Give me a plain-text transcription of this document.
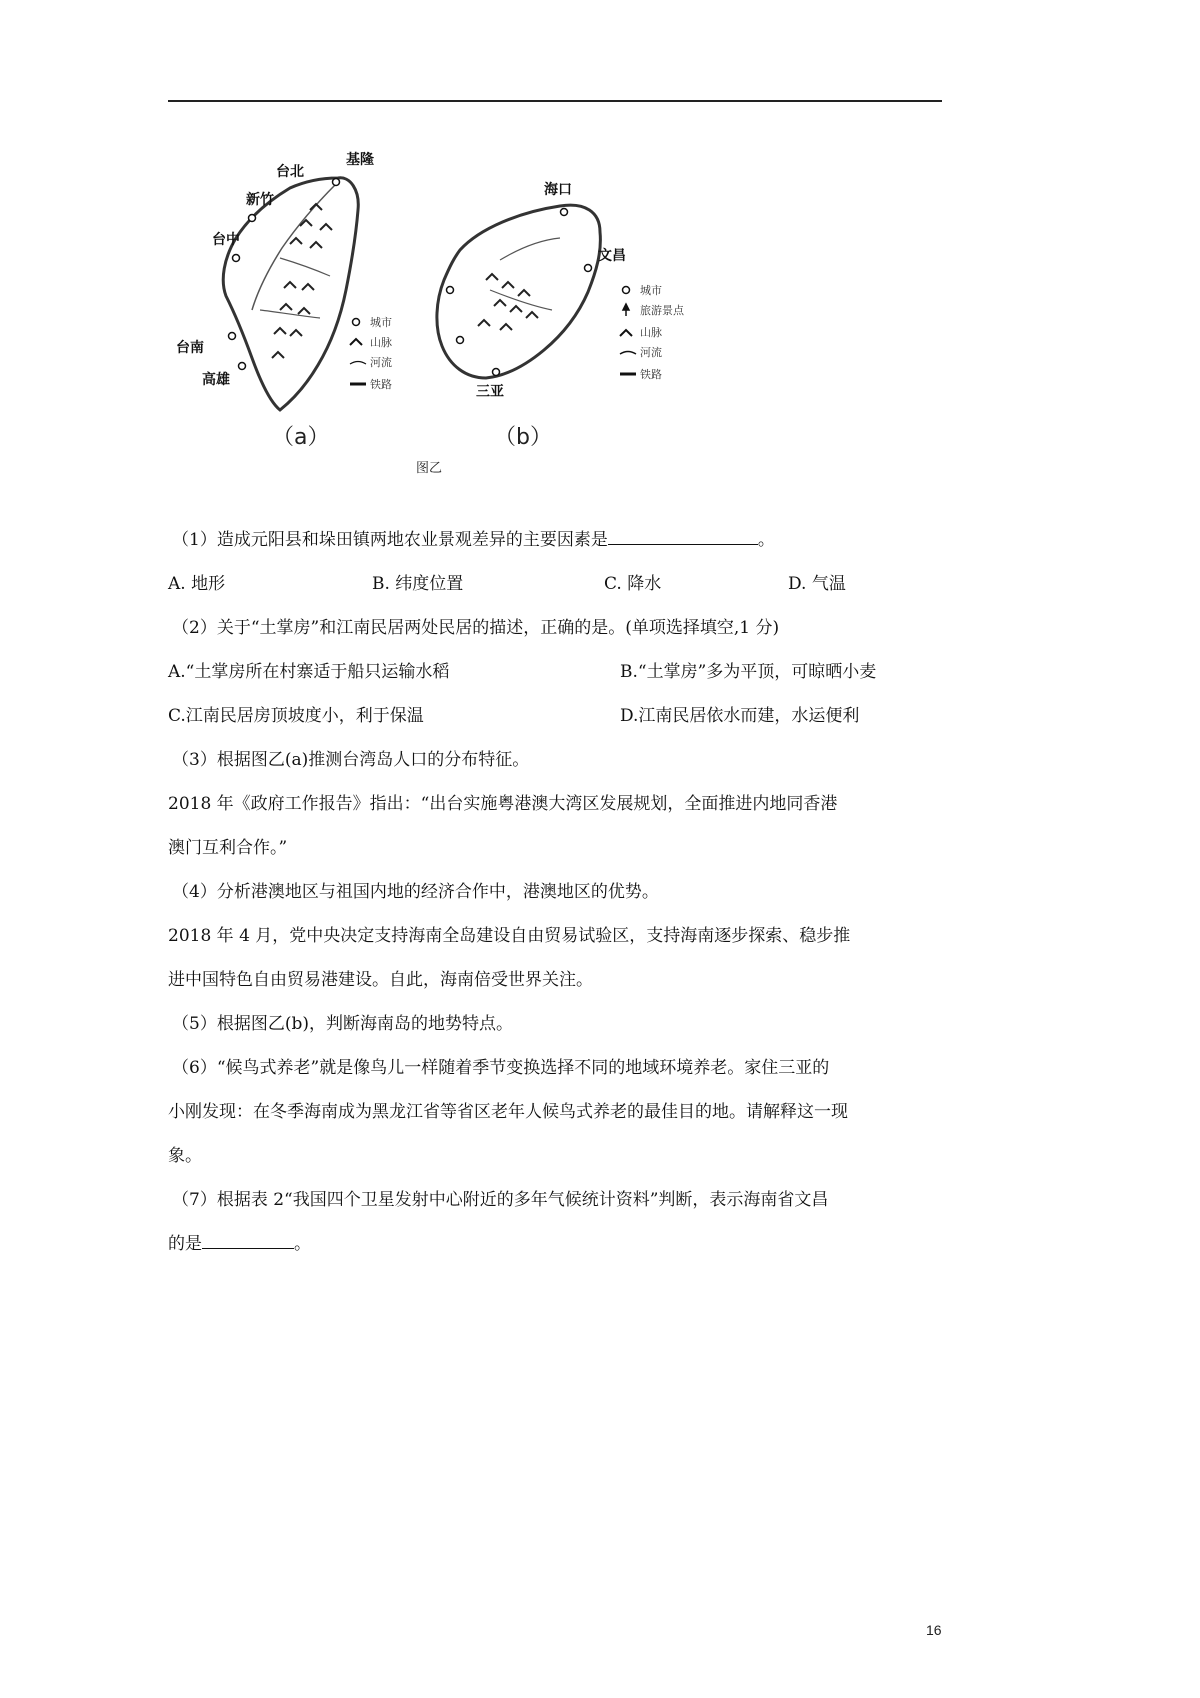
台北
基隆
新竹
台中
台南
高雄
城市
山脉
河流
铁路
（a）
海口
文昌
三亚
城市
旅游景点
山脉
河流
铁路
（b）
图乙
（1）造成元阳县和垛田镇两地农业景观差异的主要因素是	。
A. 地形	B. 纬度位置	C. 降水	D. 气温
（2）关于“土掌房”和江南民居两处民居的描述，正确的是。(单项选择填空,1 分)
A.“土掌房所在村寨适于船只运输水稻	B.“土掌房”多为平顶，可晾晒小麦
C.江南民居房顶坡度小，利于保温	D.江南民居依水而建，水运便利
（3）根据图乙(a)推测台湾岛人口的分布特征。
2018 年《政府工作报告》指出：“出台实施粤港澳大湾区发展规划，全面推进内地同香港
澳门互利合作。”
（4）分析港澳地区与祖国内地的经济合作中，港澳地区的优势。
2018 年 4 月，党中央决定支持海南全岛建设自由贸易试验区，支持海南逐步探索、稳步推
进中国特色自由贸易港建设。自此，海南倍受世界关注。
（5）根据图乙(b)，判断海南岛的地势特点。
（6）“候鸟式养老”就是像鸟儿一样随着季节变换选择不同的地域环境养老。家住三亚的
小刚发现：在冬季海南成为黑龙江省等省区老年人候鸟式养老的最佳目的地。请解释这一现
象。
（7）根据表 2“我国四个卫星发射中心附近的多年气候统计资料”判断，表示海南省文昌
的是	。
16
